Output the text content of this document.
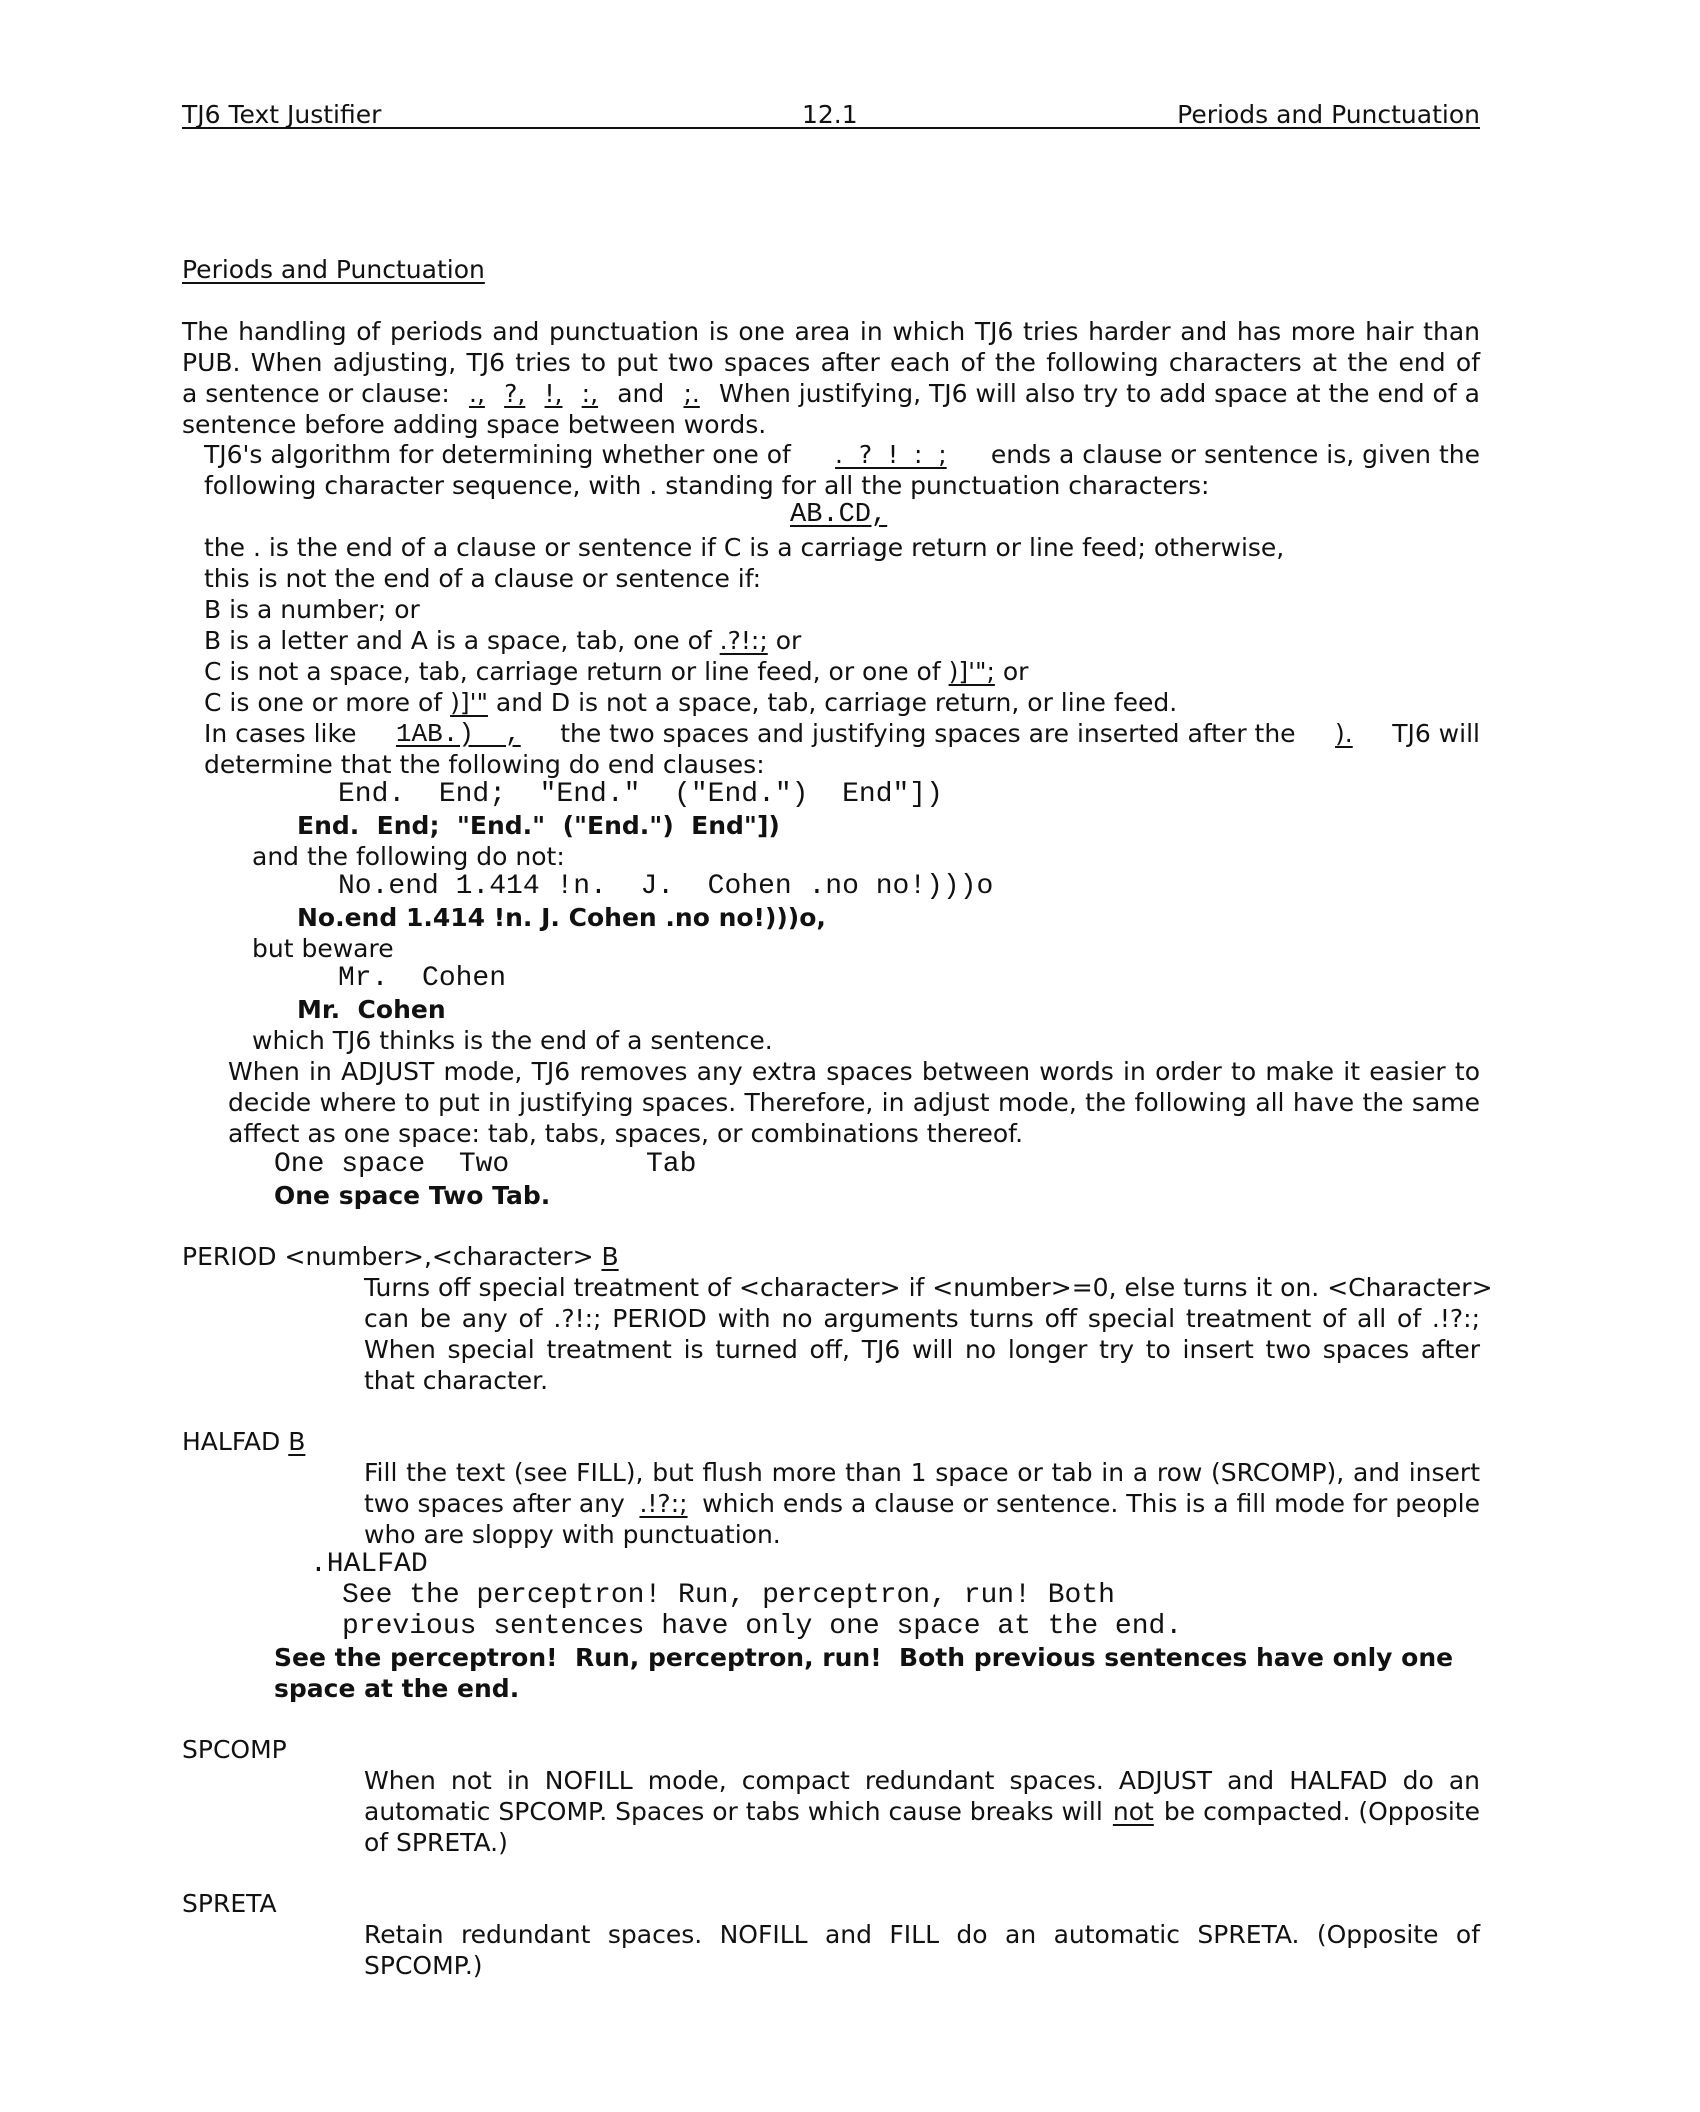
TJ6 Text Justifier	12.1	Periods and Punctuation
Periods and Punctuation
The handling of periods and punctuation is one area in which TJ6 tries harder and has more hair than
PUB. When adjusting, TJ6 tries to put two spaces after each of the following characters at the end of
a sentence or clause: ., ?, !, :, and ;. When justifying, TJ6 will also try to add space at the end of a
sentence before adding space between words.
TJ6's algorithm for determining whether one of .  ?  !  :  ; ends a clause or sentence is, given the
following character sequence, with . standing for all the punctuation characters:
AB.CD,
the . is the end of a clause or sentence if C is a carriage return or line feed; otherwise,
this is not the end of a clause or sentence if:
B is a number; or
B is a letter and A is a space, tab, one of .?!:; or
C is not a space, tab, carriage return or line feed, or one of )]'"; or
C is one or more of )]'" and D is not a space, tab, carriage return, or line feed.
In cases like 1AB.)  , the two spaces and justifying spaces are inserted after the ). TJ6 will
determine that the following do end clauses:
End.  End;  "End."  ("End.")  End"])
End.  End;  "End."  ("End.")  End"])
and the following do not:
No.end 1.414 !n.  J.  Cohen .no no!)))o
No.end 1.414 !n. J. Cohen .no no!)))o,
but beware
Mr.  Cohen
Mr.  Cohen
which TJ6 thinks is the end of a sentence.
When in ADJUST mode, TJ6 removes any extra spaces between words in order to make it easier to
decide where to put in justifying spaces. Therefore, in adjust mode, the following all have the same
affect as one space: tab, tabs, spaces, or combinations thereof.
One space  Two	Tab
One space Two Tab.
PERIOD <number>,<character> B
Turns off special treatment of <character> if <number>=0, else turns it on. <Character>
can be any of .?!:; PERIOD with no arguments turns off special treatment of all of .!?:;
When special treatment is turned off, TJ6 will no longer try to insert two spaces after
that character.
HALFAD B
Fill the text (see FILL), but flush more than 1 space or tab in a row (SRCOMP), and insert
two spaces after any .!?:; which ends a clause or sentence. This is a fill mode for people
who are sloppy with punctuation.
.HALFAD
See the perceptron! Run, perceptron, run! Both
previous sentences have only one space at the end.
See the perceptron!  Run, perceptron, run!  Both previous sentences have only one
space at the end.
SPCOMP
When not in NOFILL mode, compact redundant spaces. ADJUST and HALFAD do an
automatic SPCOMP. Spaces or tabs which cause breaks will not be compacted. (Opposite
of SPRETA.)
SPRETA
Retain redundant spaces. NOFILL and FILL do an automatic SPRETA. (Opposite of
SPCOMP.)
